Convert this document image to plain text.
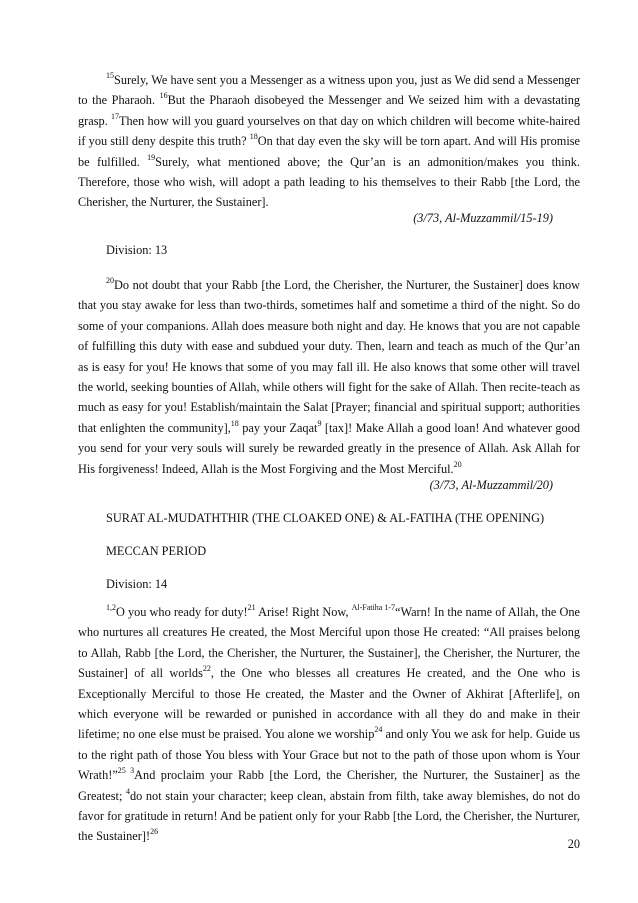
$^{15}$Surely, We have sent you a Messenger as a witness upon you, just as We did send a Messenger to the Pharaoh. $^{16}$But the Pharaoh disobeyed the Messenger and We seized him with a devastating grasp. $^{17}$Then how will you guard yourselves on that day on which children will become white-haired if you still deny despite this truth? $^{18}$On that day even the sky will be torn apart. And will His promise be fulfilled. $^{19}$Surely, what mentioned above; the Qur’an is an admonition/makes you think. Therefore, those who wish, will adopt a path leading to his themselves to their Rabb [the Lord, the Cherisher, the Nurturer, the Sustainer].

(3/73, Al-Muzzammil/15-19)
Division: 13

$^{20}$Do not doubt that your Rabb [the Lord, the Cherisher, the Nurturer, the Sustainer] does know that you stay awake for less than two-thirds, sometimes half and sometime a third of the night. So do some of your companions. Allah does measure both night and day. He knows that you are not capable of fulfilling this duty with ease and subdued your duty. Then, learn and teach as much of the Qur’an as is easy for you! He knows that some of you may fall ill. He also knows that some other will travel the world, seeking bounties of Allah, while others will fight for the sake of Allah. Then recite-teach as much as easy for you! Establish/maintain the Salat [Prayer; financial and spiritual support; authorities that enlighten the community],$^{18}$ pay your Zaqat$^9$ [tax]! Make Allah a good loan! And whatever good you send for your very souls will surely be rewarded greatly in the presence of Allah. Ask Allah for His forgiveness! Indeed, Allah is the Most Forgiving and the Most Merciful.$^{20}$

(3/73, Al-Muzzammil/20)
SURAT AL-MUDATHTHIR (THE CLOAKED ONE) & AL-FATIHA (THE OPENING)
MECCAN PERIOD
Division: 14

$^{1,2}$O you who ready for duty!$^{21}$ Arise! Right Now, $^{Al-Fatiha 1-7}$“Warn! In the name of Allah, the One who nurtures all creatures He created, the Most Merciful upon those He created: “All praises belong to Allah, Rabb [the Lord, the Cherisher, the Nurturer, the Sustainer], the Cherisher, the Nurturer, the Sustainer] of all worlds$^{22}$, the One who blesses all creatures He created, and the One who is Exceptionally Merciful to those He created, the Master and the Owner of Akhirat [Afterlife], on which everyone will be rewarded or punished in accordance with all they do and make in their lifetime; no one else must be praised. You alone we worship$^{24}$ and only You we ask for help. Guide us to the right path of those You bless with Your Grace but not to the path of those upon whom is Your Wrath!”$^{25 3}$And proclaim your Rabb [the Lord, the Cherisher, the Nurturer, the Sustainer] as the Greatest; $^4$do not stain your character; keep clean, abstain from filth, take away blemishes, do not do favor for gratitude in return! And be patient only for your Rabb [the Lord, the Cherisher, the Nurturer, the Sustainer]!$^{26}$

20
